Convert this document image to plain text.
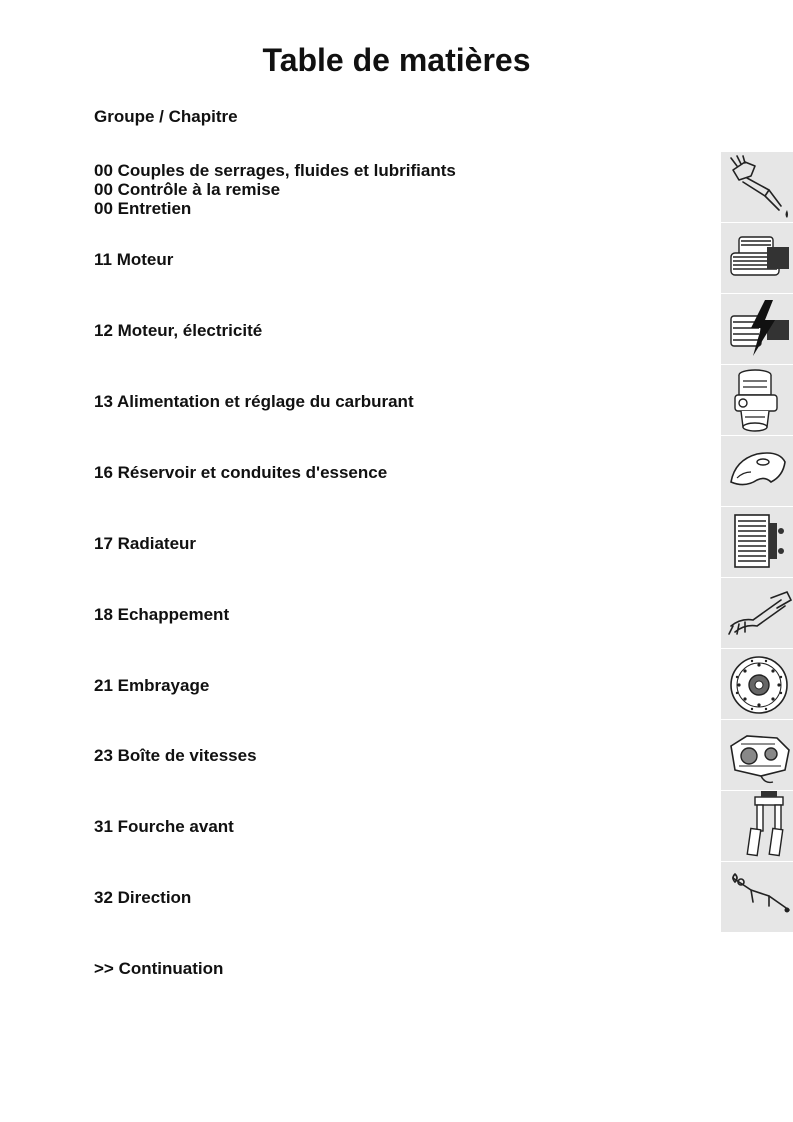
Table de matières
Groupe / Chapitre
00 Couples de serrages, fluides et lubrifiants
00 Contrôle à la remise
00 Entretien
11 Moteur
12 Moteur, électricité
13 Alimentation et réglage du carburant
16 Réservoir et conduites d'essence
17 Radiateur
18 Echappement
21 Embrayage
23 Boîte de vitesses
31 Fourche avant
32 Direction
>> Continuation
